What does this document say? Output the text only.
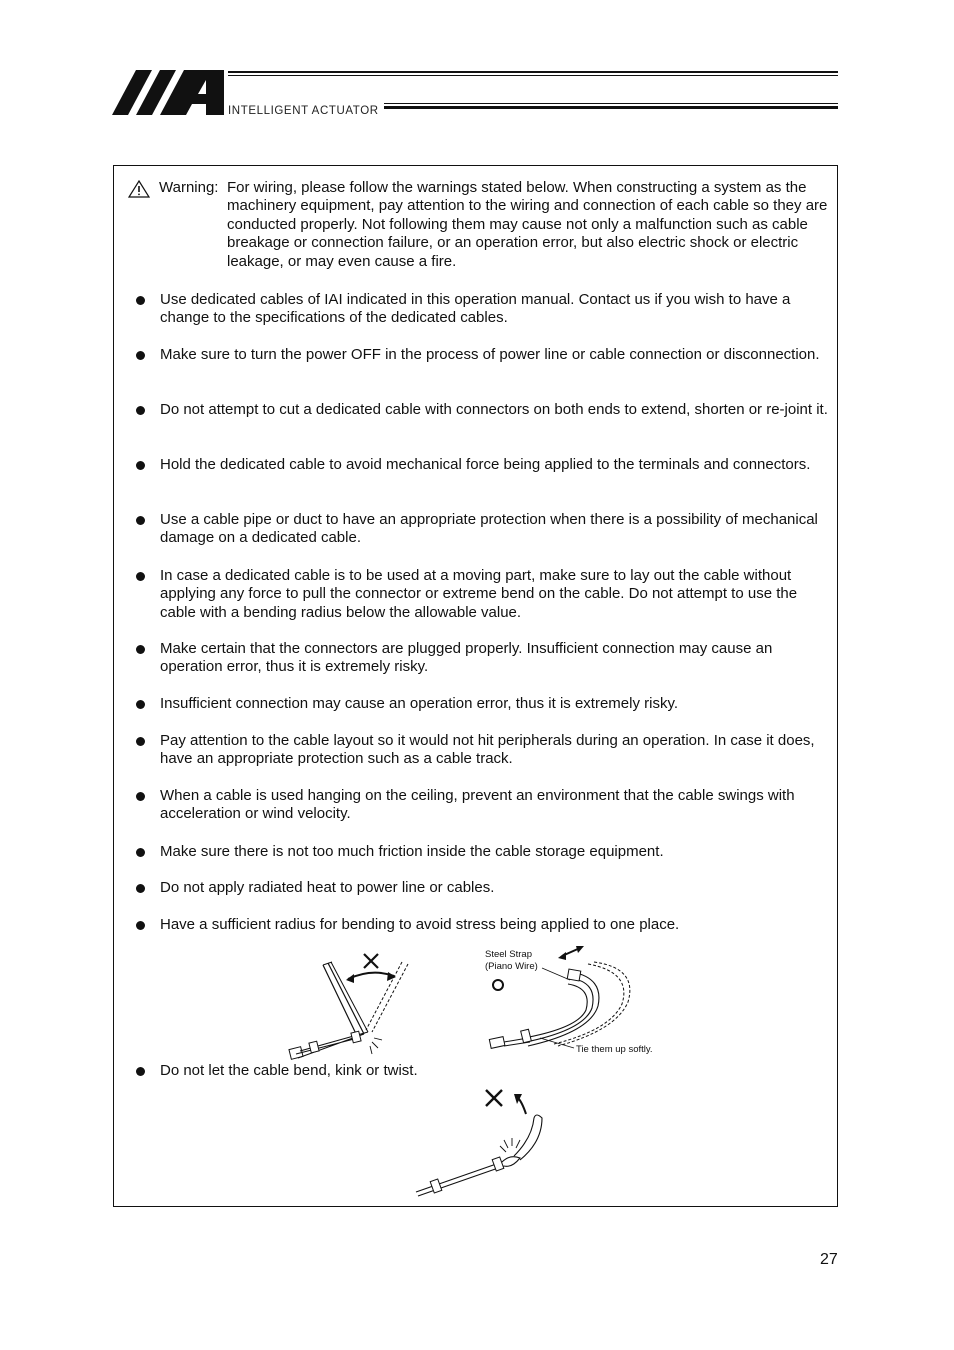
INTELLIGENT ACTUATOR
Warning: For wiring, please follow the warnings stated below. When constructing a system as the machinery equipment, pay attention to the wiring and connection of each cable so they are conducted properly. Not following them may cause not only a malfunction such as cable breakage or connection failure, or an operation error, but also electric shock or electric leakage, or may even cause a fire.
Use dedicated cables of IAI indicated in this operation manual. Contact us if you wish to have a change to the specifications of the dedicated cables.
Make sure to turn the power OFF in the process of power line or cable connection or disconnection.
Do not attempt to cut a dedicated cable with connectors on both ends to extend, shorten or re-joint it.
Hold the dedicated cable to avoid mechanical force being applied to the terminals and connectors.
Use a cable pipe or duct to have an appropriate protection when there is a possibility of mechanical damage on a dedicated cable.
In case a dedicated cable is to be used at a moving part, make sure to lay out the cable without applying any force to pull the connector or extreme bend on the cable. Do not attempt to use the cable with a bending radius below the allowable value.
Make certain that the connectors are plugged properly. Insufficient connection may cause an operation error, thus it is extremely risky.
Insufficient connection may cause an operation error, thus it is extremely risky.
Pay attention to the cable layout so it would not hit peripherals during an operation. In case it does, have an appropriate protection such as a cable track.
When a cable is used hanging on the ceiling, prevent an environment that the cable swings with acceleration or wind velocity.
Make sure there is not too much friction inside the cable storage equipment.
Do not apply radiated heat to power line or cables.
Have a sufficient radius for bending to avoid stress being applied to one place.
Do not let the cable bend, kink or twist.
Steel Strap
(Piano Wire)
Tie them up softly.
27
